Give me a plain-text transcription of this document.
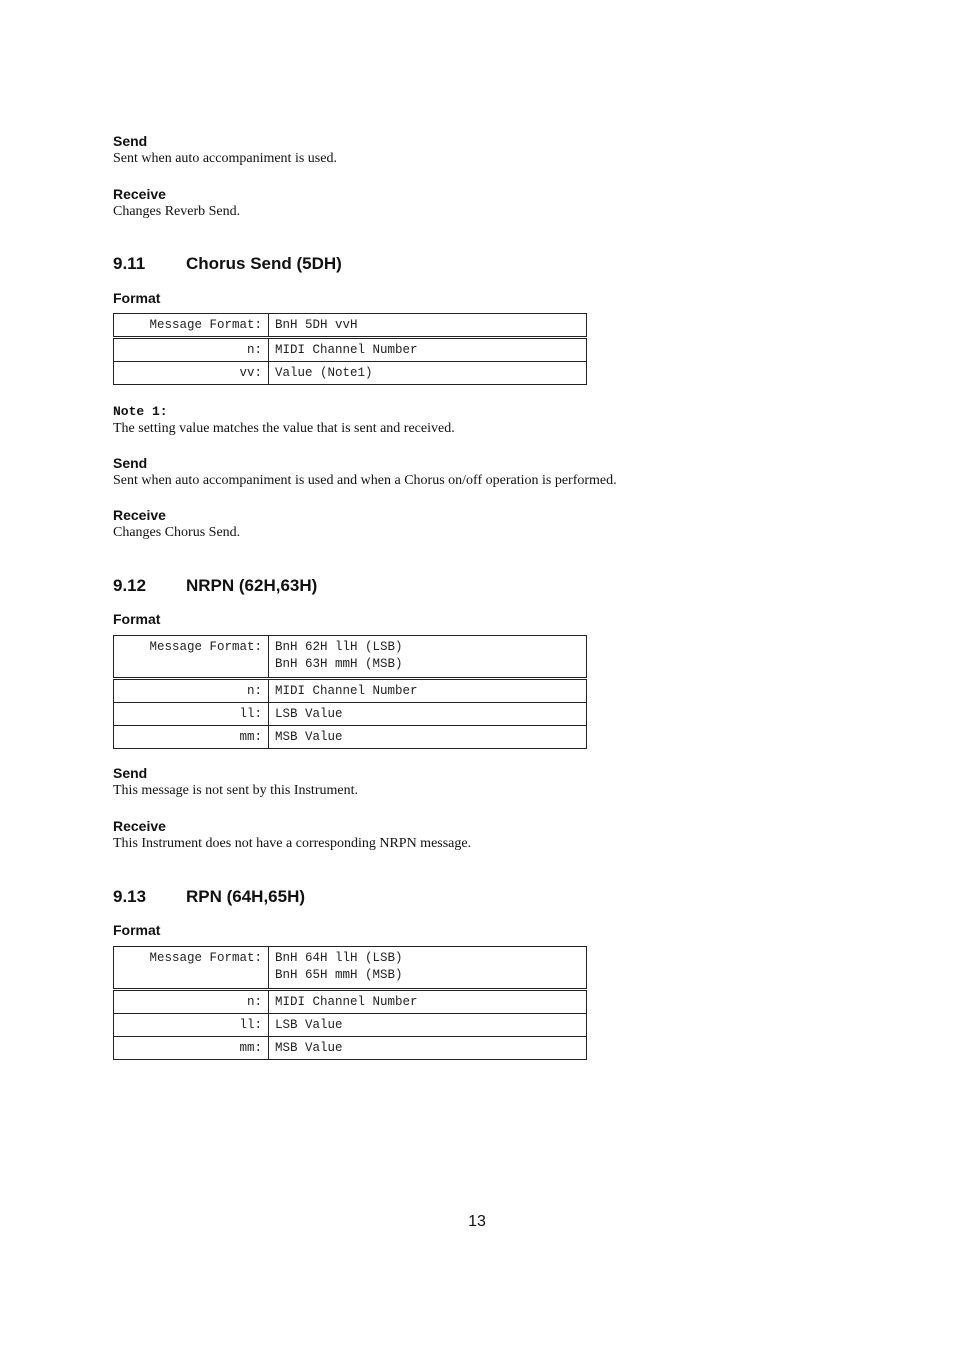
Send

Sent when auto accompaniment is used.

Receive

Changes Reverb Send.

9.11 Chorus Send (5DH)

Format

Message Format:	BnH 5DH vvH
n:	MIDI Channel Number
vv:	Value (Note1)

Note 1:

The setting value matches the value that is sent and received.

Send

Sent when auto accompaniment is used and when a Chorus on/off operation is performed.

Receive

Changes Chorus Send.

9.12 NRPN (62H,63H)

Format

Message Format:	BnH 62H llH (LSB)
BnH 63H mmH (MSB)

n:	MIDI Channel Number
ll:	LSB Value
mm:	MSB Value

Send

This message is not sent by this Instrument.

Receive

This Instrument does not have a corresponding NRPN message.

9.13 RPN (64H,65H)

Format

Message Format:	BnH 64H llH (LSB)
BnH 65H mmH (MSB)

n:	MIDI Channel Number
ll:	LSB Value
mm:	MSB Value
13
